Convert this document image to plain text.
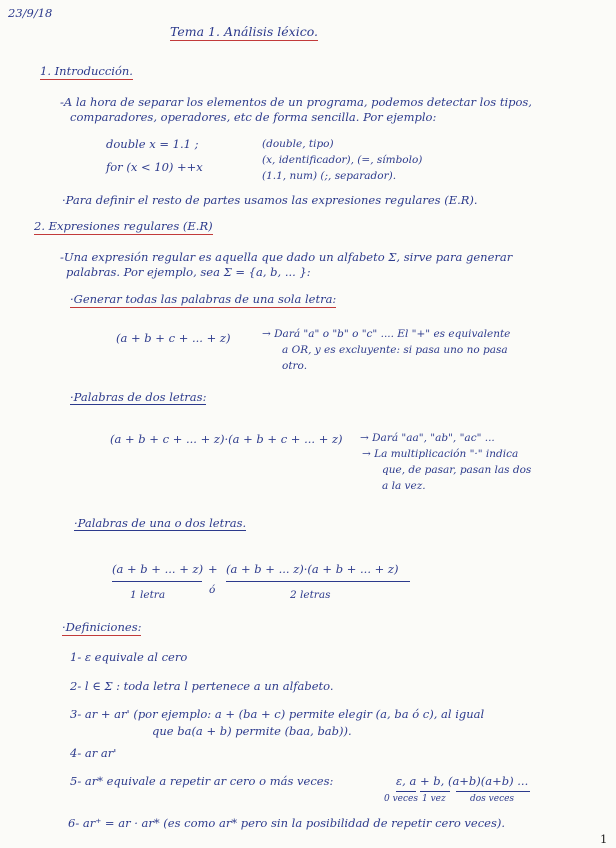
23/9/18
Tema 1. Análisis léxico.
1. Introducción.
-A la hora de separar los elementos de un programa, podemos detectar los tipos,
comparadores, operadores, etc de forma sencilla. Por ejemplo:
double x = 1.1 ;
for (x < 10) ++x
(double, tipo)
(x, identificador), (=, símbolo)
(1.1, num) (;, separador).
·Para definir el resto de partes usamos las expresiones regulares (E.R).
2. Expresiones regulares (E.R)
-Una expresión regular es aquella que dado un alfabeto Σ, sirve para generar
palabras. Por ejemplo, sea Σ = {a, b, ... }:
·Generar todas las palabras de una sola letra:
(a + b + c + ... + z)	→ Dará "a" o "b" o "c" .... El "+" es equivalente
a OR, y es excluyente: si pasa uno no pasa
otro.
·Palabras de dos letras:
(a + b + c + ... + z)·(a + b + c + ... + z) → Dará "aa", "ab", "ac" ...
→ La multiplicación "·" indica
que, de pasar, pasan las dos
a la vez.
·Palabras de una o dos letras.
(a + b + ... + z) + (a + b + ... z)·(a + b + ... + z)
1 letra	ó	2 letras
·Definiciones:
1- ε equivale al cero
2- l ∈ Σ : toda letra l pertenece a un alfabeto.
3- ar + ar' (por ejemplo: a + (ba + c) permite elegir (a, ba ó c), al igual
que ba(a + b) permite (baa, bab)).
4- ar ar'
5- ar* equivale a repetir ar cero o más veces:	ε, a + b, (a+b)(a+b) ...
0 veces 1 vez	dos veces
6- ar⁺ = ar · ar* (es como ar* pero sin la posibilidad de repetir cero veces).
1
